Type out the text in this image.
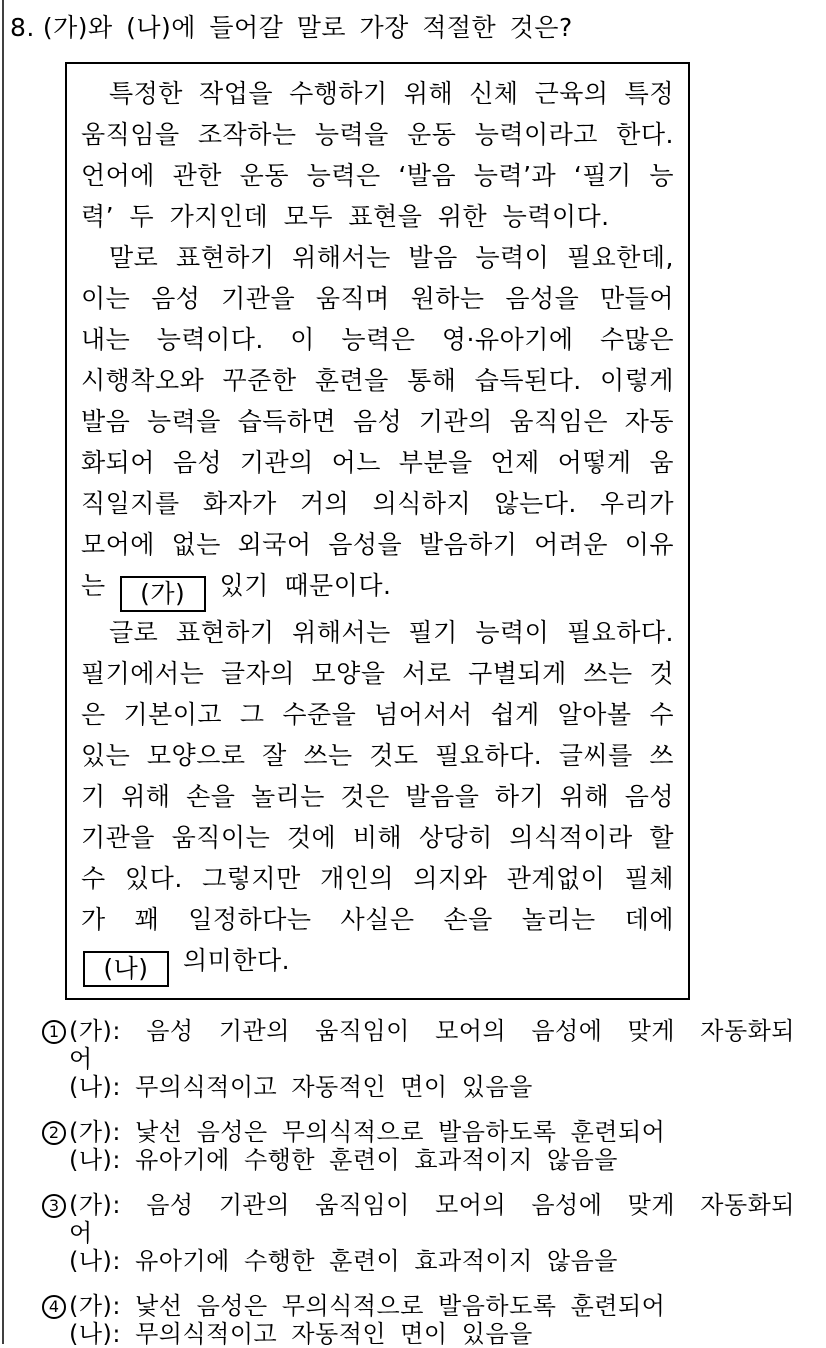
8. (가)와 (나)에 들어갈 말로 가장 적절한 것은?
특정한 작업을 수행하기 위해 신체 근육의 특정
움직임을 조작하는 능력을 운동 능력이라고 한다.
언어에 관한 운동 능력은 ‘발음 능력’과 ‘필기 능
력’ 두 가지인데 모두 표현을 위한 능력이다.
말로 표현하기 위해서는 발음 능력이 필요한데,
이는 음성 기관을 움직며 원하는 음성을 만들어
내는 능력이다. 이 능력은 영·유아기에 수많은
시행착오와 꾸준한 훈련을 통해 습득된다. 이렇게
발음 능력을 습득하면 음성 기관의 움직임은 자동
화되어 음성 기관의 어느 부분을 언제 어떻게 움
직일지를 화자가 거의 의식하지 않는다. 우리가
모어에 없는 외국어 음성을 발음하기 어려운 이유
는 (가) 있기 때문이다.
글로 표현하기 위해서는 필기 능력이 필요하다.
필기에서는 글자의 모양을 서로 구별되게 쓰는 것
은 기본이고 그 수준을 넘어서서 쉽게 알아볼 수
있는 모양으로 잘 쓰는 것도 필요하다. 글씨를 쓰
기 위해 손을 놀리는 것은 발음을 하기 위해 음성
기관을 움직이는 것에 비해 상당히 의식적이라 할
수 있다. 그렇지만 개인의 의지와 관계없이 필체
가 꽤 일정하다는 사실은 손을 놀리는 데에
(나) 의미한다.
1 (가): 음성 기관의 움직임이 모어의 음성에 맞게 자동화되
어
(나): 무의식적이고 자동적인 면이 있음을
2 (가): 낯선 음성은 무의식적으로 발음하도록 훈련되어
(나): 유아기에 수행한 훈련이 효과적이지 않음을
3 (가): 음성 기관의 움직임이 모어의 음성에 맞게 자동화되
어
(나): 유아기에 수행한 훈련이 효과적이지 않음을
4 (가): 낯선 음성은 무의식적으로 발음하도록 훈련되어
(나): 무의식적이고 자동적인 면이 있음을
